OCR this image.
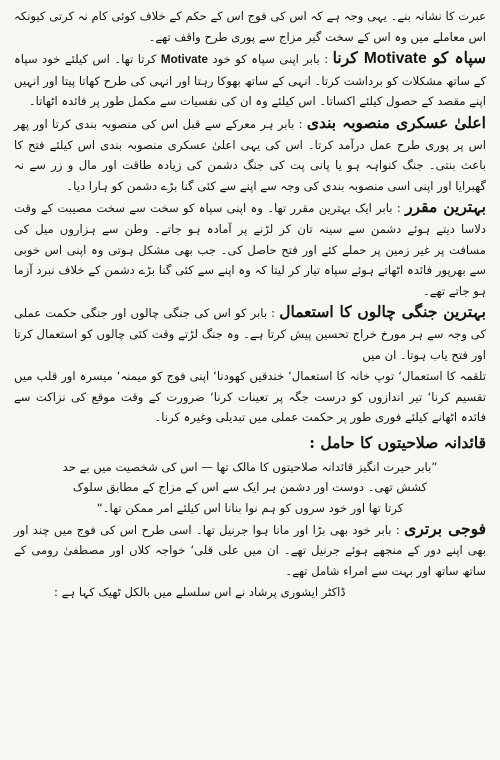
عبرت کا نشانہ بنے۔ یہی وجہ ہے کہ اس کی فوج اس کے حکم کے خلاف کوئی کام نہ کرتی کیونکہ اس معاملے میں وہ اس کے سخت گیر مزاج سے پوری طرح واقف تھے۔

سپاہ کو Motivate کرنا : بابر اپنی سپاہ کو خود Motivate کرتا تھا۔ اس کیلئے خود سپاہ کے ساتھ مشکلات کو برداشت کرتا۔ انہی کے ساتھ بھوکا رہتا اور انہی کی طرح کھاتا پیتا اور انہیں اپنے مقصد کے حصول کیلئے اکساتا۔ اس کیلئے وہ ان کی نفسیات سے مکمل طور پر فائدہ اٹھاتا۔

اعلیٰ عسکری منصوبہ بندی : بابر ہر معرکے سے قبل اس کی منصوبہ بندی کرتا اور پھر اس پر پوری طرح عمل درآمد کرتا۔ اس کی یہی اعلیٰ عسکری منصوبہ بندی اس کیلئے فتح کا باعث بنتی۔ جنگ کنواہہ ہو یا پانی پت کی جنگ دشمن کی زیادہ طاقت اور مال و زر سے نہ گھبرایا اور اپنی اسی منصوبہ بندی کی وجہ سے اپنے سے کئی گنا بڑے دشمن کو ہارا دیا۔

بہترین مقرر : بابر ایک بہترین مقرر تھا۔ وہ اپنی سپاہ کو سخت سے سخت مصیبت کے وقت دلاسا دیتے ہوئے دشمن سے سینہ تان کر لڑنے پر آمادہ ہو جاتے۔ وطن سے ہزاروں میل کی مسافت پر غیر زمین پر حملے کئے اور فتح حاصل کی۔ جب بھی مشکل ہوتی وہ اپنی اس خوبی سے بھرپور فائدہ اٹھاتے ہوئے سپاہ تیار کر لیتا کہ وہ اپنے سے کئی گنا بڑے دشمن کے خلاف نبرد آزما ہو جاتے تھے۔

بہترین جنگی چالوں کا استعمال : بابر کو اس کی جنگی چالوں اور جنگی حکمت عملی کی وجہ سے ہر مورخ خراج تحسین پیش کرتا ہے۔ وہ جنگ لڑتے وقت کئی چالوں کو استعمال کرتا اور فتح یاب ہوتا۔ ان میں

تلقمہ کا استعمال‘ توپ خانہ کا استعمال‘ خندقیں کھودنا‘ اپنی فوج کو میمنہ‘ میسرہ اور قلب میں تقسیم کرنا‘ تیر اندازوں کو درست جگہ پر تعینات کرنا‘ ضرورت کے وقت موقع کی نزاکت سے فائدہ اٹھانے کیلئے فوری طور پر حکمت عملی میں تبدیلی وغیرہ کرنا۔

قائدانہ صلاحیتوں کا حامل :
”بابر حیرت انگیز قائدانہ صلاحیتوں کا مالک تھا — اس کی شخصیت میں بے حد
کشش تھی۔ دوست اور دشمن ہر ایک سے اس کے مزاج کے مطابق سلوک
کرتا تھا اور خود سروں کو ہم نوا بنانا اس کیلئے امر ممکن تھا۔“

فوجی برتری : بابر خود بھی بڑا اور مانا ہوا جرنیل تھا۔ اسی طرح اس کی فوج میں چند اور بھی اپنے دور کے منجھے ہوئے جرنیل تھے۔ ان میں علی قلی‘ خواجہ کلاں اور مصطفیٰ رومی کے ساتھ ساتھ اور بہت سے امراء شامل تھے۔

ڈاکٹر ایشوری پرشاد نے اس سلسلے میں بالکل ٹھیک کہا ہے :
